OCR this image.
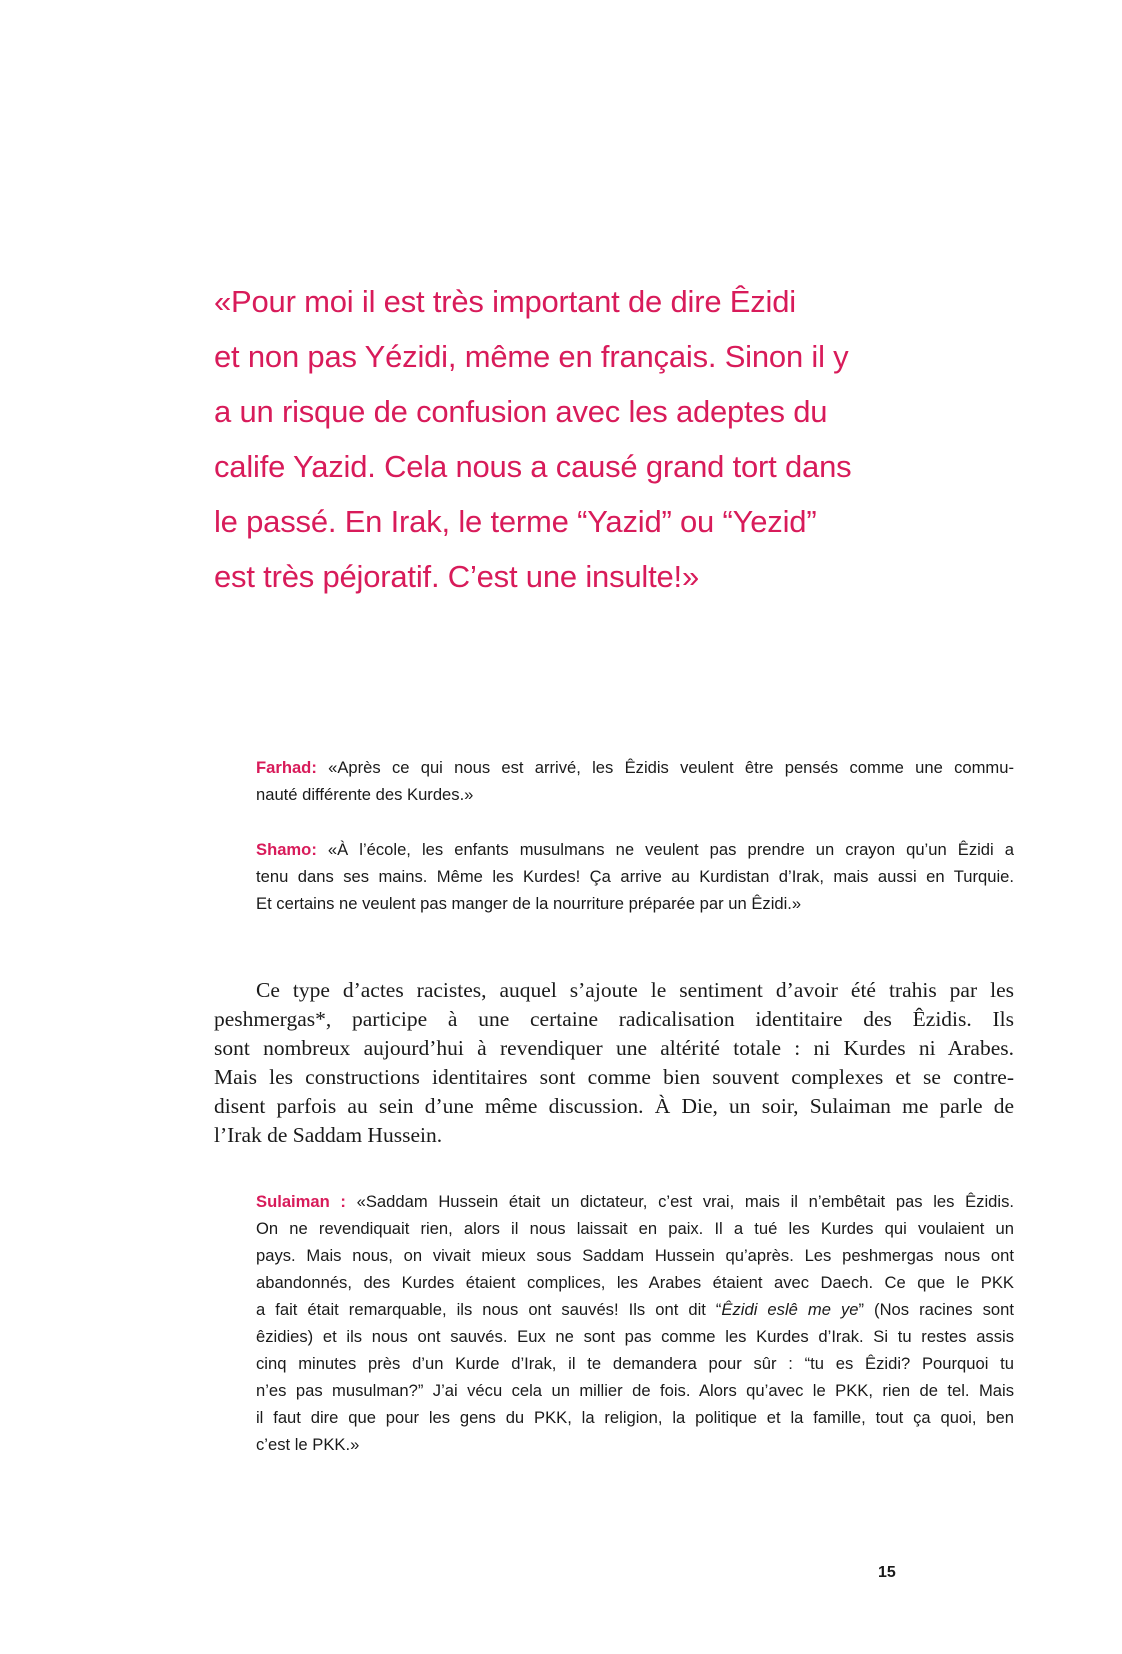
«Pour moi il est très important de dire Êzidi
et non pas Yézidi, même en français. Sinon il y
a un risque de confusion avec les adeptes du
calife Yazid. Cela nous a causé grand tort dans
le passé. En Irak, le terme “Yazid” ou “Yezid”
est très péjoratif. C’est une insulte!»
Farhad: «Après ce qui nous est arrivé, les Êzidis veulent être pensés comme une commu-
nauté différente des Kurdes.»
Shamo: «À l’école, les enfants musulmans ne veulent pas prendre un crayon qu’un Êzidi a
tenu dans ses mains. Même les Kurdes! Ça arrive au Kurdistan d’Irak, mais aussi en Turquie.
Et certains ne veulent pas manger de la nourriture préparée par un Êzidi.»
Ce type d’actes racistes, auquel s’ajoute le sentiment d’avoir été trahis par les
peshmergas*, participe à une certaine radicalisation identitaire des Êzidis. Ils
sont nombreux aujourd’hui à revendiquer une altérité totale : ni Kurdes ni Arabes.
Mais les constructions identitaires sont comme bien souvent complexes et se contre-
disent parfois au sein d’une même discussion. À Die, un soir, Sulaiman me parle de
l’Irak de Saddam Hussein.
Sulaiman : «Saddam Hussein était un dictateur, c’est vrai, mais il n’embêtait pas les Êzidis.
On ne revendiquait rien, alors il nous laissait en paix. Il a tué les Kurdes qui voulaient un
pays. Mais nous, on vivait mieux sous Saddam Hussein qu’après. Les peshmergas nous ont
abandonnés, des Kurdes étaient complices, les Arabes étaient avec Daech. Ce que le PKK
a fait était remarquable, ils nous ont sauvés! Ils ont dit “Êzidi eslê me ye” (Nos racines sont
êzidies) et ils nous ont sauvés. Eux ne sont pas comme les Kurdes d’Irak. Si tu restes assis
cinq minutes près d’un Kurde d’Irak, il te demandera pour sûr : “tu es Êzidi? Pourquoi tu
n’es pas musulman?” J’ai vécu cela un millier de fois. Alors qu’avec le PKK, rien de tel. Mais
il faut dire que pour les gens du PKK, la religion, la politique et la famille, tout ça quoi, ben
c’est le PKK.»
15
